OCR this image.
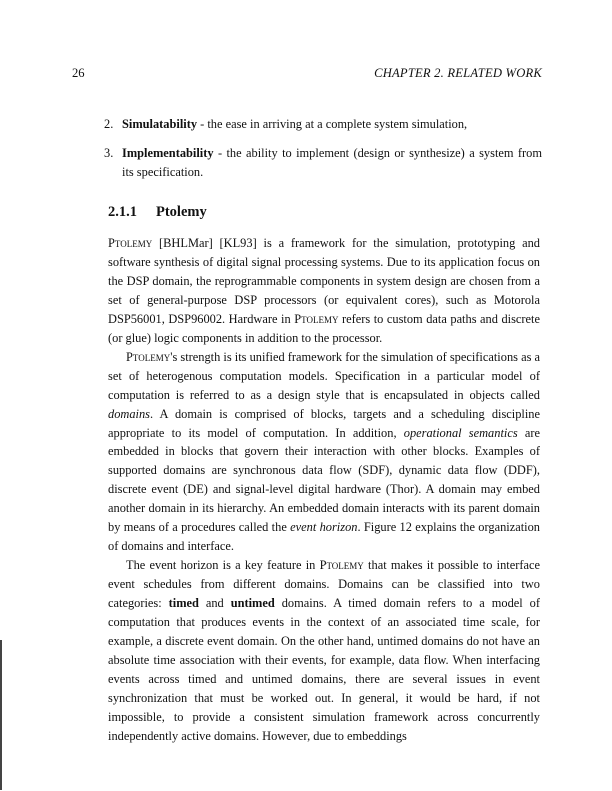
26	CHAPTER 2. RELATED WORK
2. Simulatability - the ease in arriving at a complete system simulation,
3. Implementability - the ability to implement (design or synthesize) a system from its specification.
2.1.1 Ptolemy

Ptolemy [BHLMar] [KL93] is a framework for the simulation, prototyping and software synthesis of digital signal processing systems. Due to its application focus on the DSP domain, the reprogrammable components in system design are chosen from a set of general-purpose DSP processors (or equivalent cores), such as Motorola DSP56001, DSP96002. Hardware in Ptolemy refers to custom data paths and discrete (or glue) logic components in addition to the processor.

Ptolemy's strength is its unified framework for the simulation of specifications as a set of heterogenous computation models. Specification in a particular model of computation is referred to as a design style that is encapsulated in objects called domains. A domain is comprised of blocks, targets and a scheduling discipline appropriate to its model of computation. In addition, operational semantics are embedded in blocks that govern their interaction with other blocks. Examples of supported domains are synchronous data flow (SDF), dynamic data flow (DDF), discrete event (DE) and signal-level digital hardware (Thor). A domain may embed another domain in its hierarchy. An embedded domain interacts with its parent domain by means of a procedures called the event horizon. Figure 12 explains the organization of domains and interface.

The event horizon is a key feature in Ptolemy that makes it possible to interface event schedules from different domains. Domains can be classified into two categories: timed and untimed domains. A timed domain refers to a model of computation that produces events in the context of an associated time scale, for example, a discrete event domain. On the other hand, untimed domains do not have an absolute time association with their events, for example, data flow. When interfacing events across timed and untimed domains, there are several issues in event synchronization that must be worked out. In general, it would be hard, if not impossible, to provide a consistent simulation framework across concurrently independently active domains. However, due to embeddings
